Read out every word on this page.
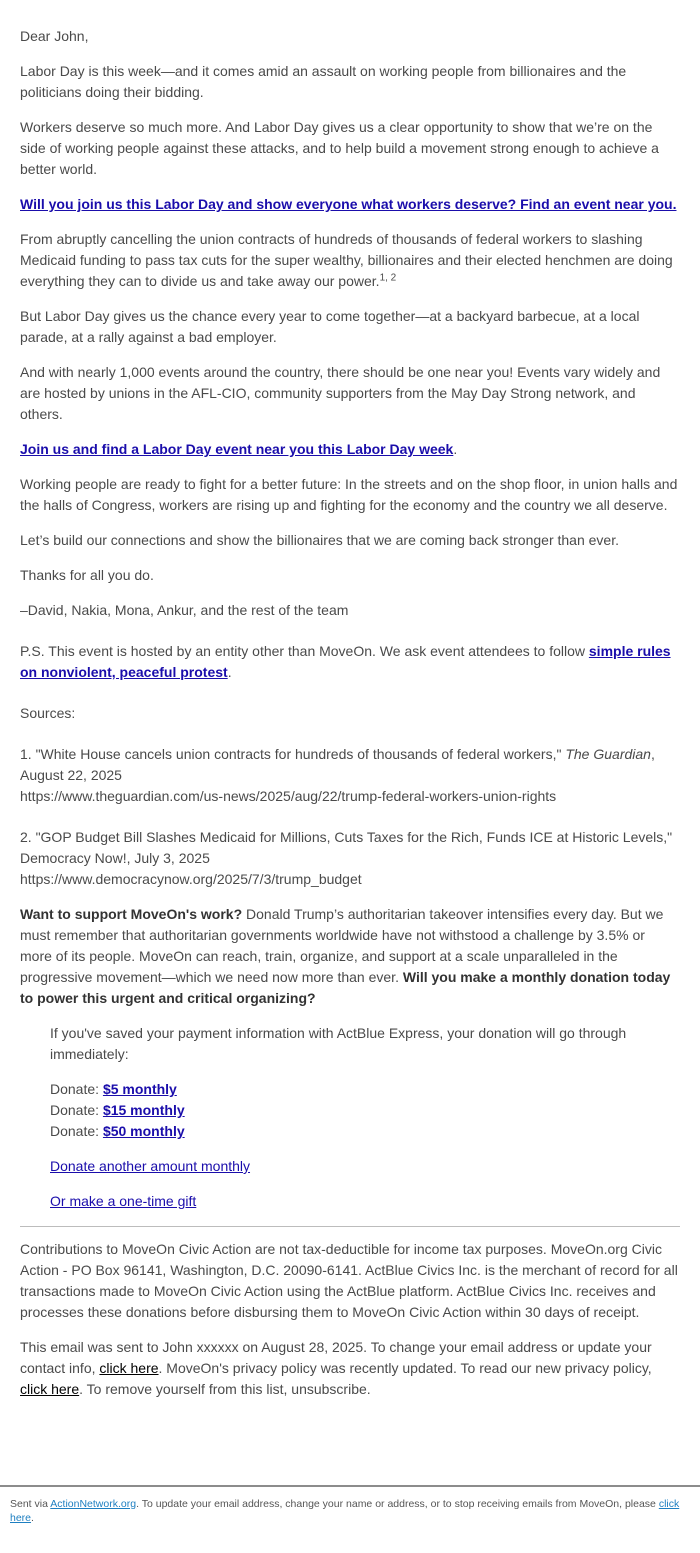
Dear John,

Labor Day is this week—and it comes amid an assault on working people from billionaires and the politicians doing their bidding.

Workers deserve so much more. And Labor Day gives us a clear opportunity to show that we’re on the side of working people against these attacks, and to help build a movement strong enough to achieve a better world.

Will you join us this Labor Day and show everyone what workers deserve? Find an event near you.

From abruptly cancelling the union contracts of hundreds of thousands of federal workers to slashing Medicaid funding to pass tax cuts for the super wealthy, billionaires and their elected henchmen are doing everything they can to divide us and take away our power.$^{1, 2}$

But Labor Day gives us the chance every year to come together—at a backyard barbecue, at a local parade, at a rally against a bad employer.

And with nearly 1,000 events around the country, there should be one near you! Events vary widely and are hosted by unions in the AFL-CIO, community supporters from the May Day Strong network, and others.

Join us and find a Labor Day event near you this Labor Day week.

Working people are ready to fight for a better future: In the streets and on the shop floor, in union halls and the halls of Congress, workers are rising up and fighting for the economy and the country we all deserve.

Let’s build our connections and show the billionaires that we are coming back stronger than ever.

Thanks for all you do.

–David, Nakia, Mona, Ankur, and the rest of the team

P.S. This event is hosted by an entity other than MoveOn. We ask event attendees to follow simple rules on nonviolent, peaceful protest.

Sources:

1. "White House cancels union contracts for hundreds of thousands of federal workers," The Guardian, August 22, 2025

https://www.theguardian.com/us-news/2025/aug/22/trump-federal-workers-union-rights

2. "GOP Budget Bill Slashes Medicaid for Millions, Cuts Taxes for the Rich, Funds ICE at Historic Levels," Democracy Now!, July 3, 2025

https://www.democracynow.org/2025/7/3/trump_budget

Want to support MoveOn's work? Donald Trump’s authoritarian takeover intensifies every day. But we must remember that authoritarian governments worldwide have not withstood a challenge by 3.5% or more of its people. MoveOn can reach, train, organize, and support at a scale unparalleled in the progressive movement—which we need now more than ever. Will you make a monthly donation today to power this urgent and critical organizing?

If you've saved your payment information with ActBlue Express, your donation will go through immediately:

Donate: $5 monthly

Donate: $15 monthly

Donate: $50 monthly

Donate another amount monthly

Or make a one-time gift

Contributions to MoveOn Civic Action are not tax-deductible for income tax purposes. MoveOn.org Civic Action - PO Box 96141, Washington, D.C. 20090-6141. ActBlue Civics Inc. is the merchant of record for all transactions made to MoveOn Civic Action using the ActBlue platform. ActBlue Civics Inc. receives and processes these donations before disbursing them to MoveOn Civic Action within 30 days of receipt.

This email was sent to John xxxxxx on August 28, 2025. To change your email address or update your contact info, click here. MoveOn's privacy policy was recently updated. To read our new privacy policy, click here. To remove yourself from this list, unsubscribe.

Sent via ActionNetwork.org. To update your email address, change your name or address, or to stop receiving emails from MoveOn, please click here.
